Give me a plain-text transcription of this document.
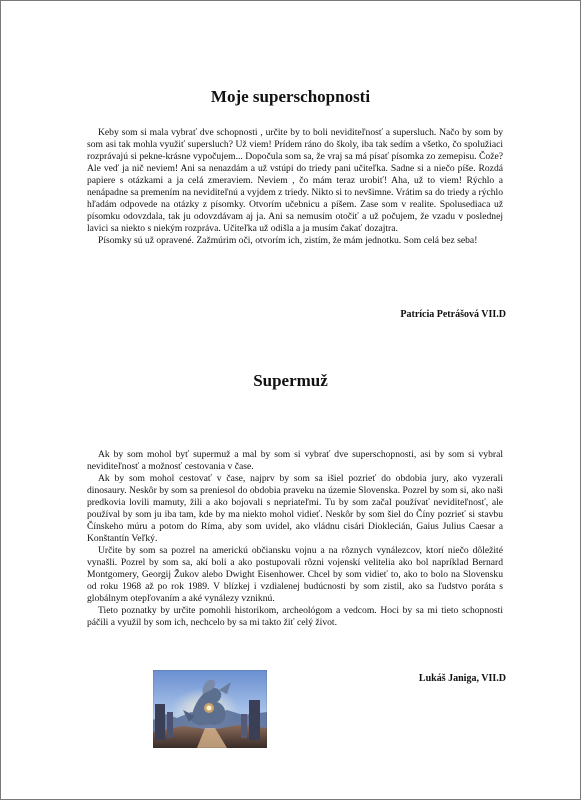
Moje superschopnosti

Keby som si mala vybrať dve schopnosti , určite by to boli neviditeľnosť a supersluch. Načo by som by som asi tak mohla využiť supersluch? Už viem! Prídem ráno do školy, iba tak sedím a všetko, čo spolužiaci rozprávajú si pekne-krásne vypočujem... Dopočula som sa, že vraj sa má písať písomka zo zemepisu. Čože? Ale veď ja nič neviem! Ani sa nenazdám a už vstúpi do triedy pani učiteľka. Sadne si a niečo píše. Rozdá papiere s otázkami a ja celá zmeraviem. Neviem , čo mám teraz urobiť! Aha, už to viem! Rýchlo a nenápadne sa premením na neviditeľnú a vyjdem z triedy. Nikto si to nevšimne. Vrátim sa do triedy a rýchlo hľadám odpovede na otázky z písomky. Otvorím učebnicu a píšem. Zase som v realite. Spolusediaca už písomku odovzdala, tak ju odovzdávam aj ja. Ani sa nemusím otočiť a už počujem, že vzadu v poslednej lavici sa niekto s niekým rozpráva. Učiteľka už odišla a ja musím čakať dozajtra.

Písomky sú už opravené. Zažmúrim oči, otvorím ich, zistím, že mám jednotku. Som celá bez seba!

Patrícia Petrášová VII.D
Supermuž

Ak by som mohol byť supermuž a mal by som si vybrať dve superschopnosti, asi by som si vybral neviditeľnosť a možnosť cestovania v čase.

Ak by som mohol cestovať v čase, najprv by som sa išiel pozrieť do obdobia jury, ako vyzerali dinosaury. Neskôr by som sa preniesol do obdobia praveku na územie Slovenska. Pozrel by som si, ako naši predkovia lovili mamuty, žili a ako bojovali s nepriateľmi. Tu by som začal používať neviditeľnosť, ale používal by som ju iba tam, kde by ma niekto mohol vidieť. Neskôr by som šiel do Číny pozrieť si stavbu Čínskeho múru a potom do Ríma, aby som uvidel, ako vládnu cisári Dioklecián, Gaius Julius Caesar a Konštantín Veľký.

Určite by som sa pozrel na americkú občiansku vojnu a na rôznych vynálezcov, ktorí niečo dôležité vynašli. Pozrel by som sa, akí boli a ako postupovali rôzni vojenskí velitelia ako bol napríklad Bernard Montgomery, Georgij Žukov alebo Dwight Eisenhower. Chcel by som vidieť to, ako to bolo na Slovensku od roku 1968 až po rok 1989. V blízkej i vzdialenej budúcnosti by som zistil, ako sa ľudstvo poráta s globálnym otepľovaním a aké vynálezy vzniknú.

Tieto poznatky by určite pomohli historikom, archeológom a vedcom. Hoci by sa mi tieto schopnosti páčili a využil by som ich, nechcelo by sa mi takto žiť celý život.

Lukáš Janiga, VII.D
